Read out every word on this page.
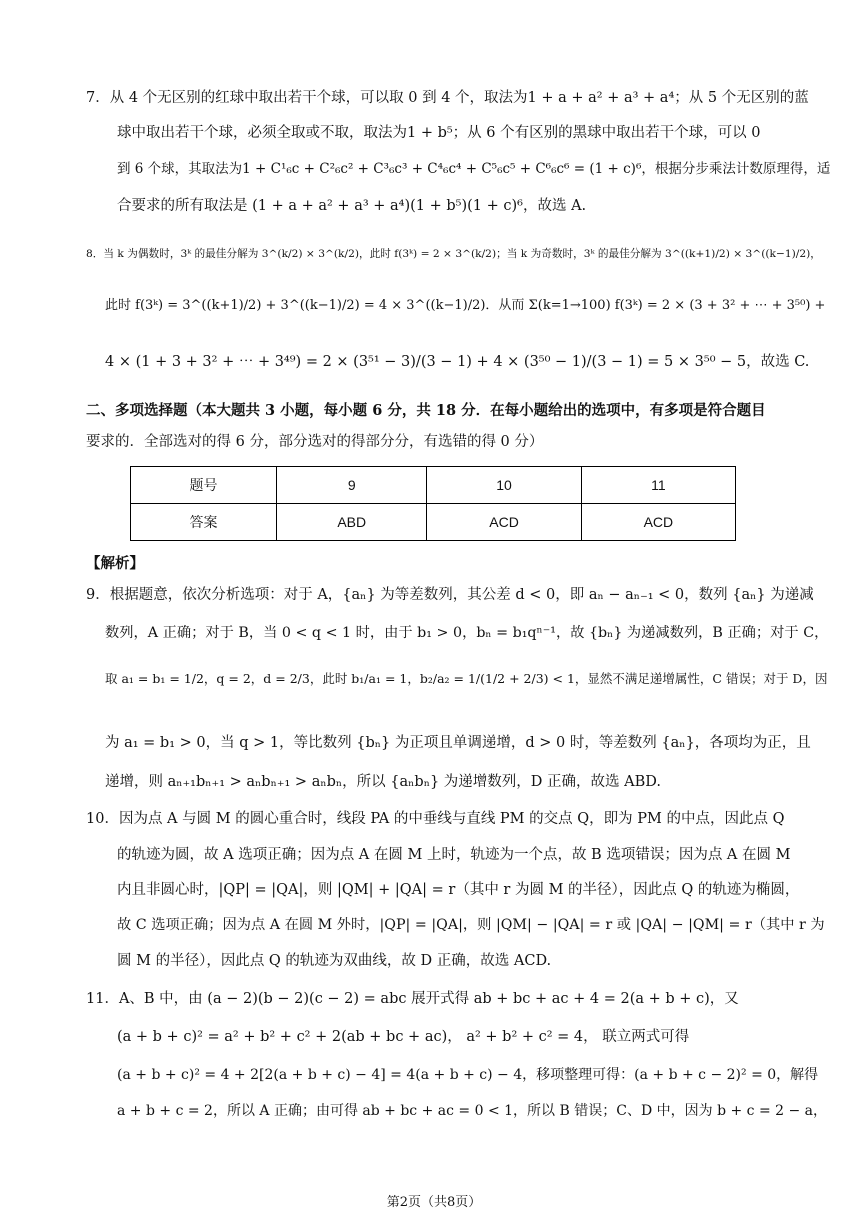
7．从 4 个无区别的红球中取出若干个球，可以取 0 到 4 个，取法为1 + a + a² + a³ + a⁴；从 5 个无区别的蓝
球中取出若干个球，必须全取或不取，取法为1 + b⁵；从 6 个有区别的黑球中取出若干个球，可以 0
到 6 个球，其取法为1 + C¹₆c + C²₆c² + C³₆c³ + C⁴₆c⁴ + C⁵₆c⁵ + C⁶₆c⁶ = (1 + c)⁶，根据分步乘法计数原理得，适
合要求的所有取法是 (1 + a + a² + a³ + a⁴)(1 + b⁵)(1 + c)⁶，故选 A.
8．当 k 为偶数时，3ᵏ 的最佳分解为 3^(k/2) × 3^(k/2)，此时 f(3ᵏ) = 2 × 3^(k/2)；当 k 为奇数时，3ᵏ 的最佳分解为 3^((k+1)/2) × 3^((k−1)/2)，
此时 f(3ᵏ) = 3^((k+1)/2) + 3^((k−1)/2) = 4 × 3^((k−1)/2)．从而 Σ(k=1→100) f(3ᵏ) = 2 × (3 + 3² + ⋯ + 3⁵⁰) +
4 × (1 + 3 + 3² + ⋯ + 3⁴⁹) = 2 × (3⁵¹ − 3)/(3 − 1) + 4 × (3⁵⁰ − 1)/(3 − 1) = 5 × 3⁵⁰ − 5，故选 C.
二、多项选择题（本大题共 3 小题，每小题 6 分，共 18 分．在每小题给出的选项中，有多项是符合题目
要求的．全部选对的得 6 分，部分选对的得部分分，有选错的得 0 分）
题号	9	10	11
答案	ABD	ACD	ACD
【解析】
9．根据题意，依次分析选项：对于 A，{aₙ} 为等差数列，其公差 d < 0，即 aₙ − aₙ₋₁ < 0，数列 {aₙ} 为递减
数列，A 正确；对于 B，当 0 < q < 1 时，由于 b₁ > 0，bₙ = b₁qⁿ⁻¹，故 {bₙ} 为递减数列，B 正确；对于 C，
取 a₁ = b₁ = 1/2，q = 2，d = 2/3，此时 b₁/a₁ = 1，b₂/a₂ = 1/(1/2 + 2/3) < 1，显然不满足递增属性，C 错误；对于 D，因
为 a₁ = b₁ > 0，当 q > 1，等比数列 {bₙ} 为正项且单调递增，d > 0 时，等差数列 {aₙ}，各项均为正，且
递增，则 aₙ₊₁bₙ₊₁ > aₙbₙ₊₁ > aₙbₙ，所以 {aₙbₙ} 为递增数列，D 正确，故选 ABD.
10．因为点 A 与圆 M 的圆心重合时，线段 PA 的中垂线与直线 PM 的交点 Q，即为 PM 的中点，因此点 Q
的轨迹为圆，故 A 选项正确；因为点 A 在圆 M 上时，轨迹为一个点，故 B 选项错误；因为点 A 在圆 M
内且非圆心时，|QP| = |QA|，则 |QM| + |QA| = r（其中 r 为圆 M 的半径），因此点 Q 的轨迹为椭圆，
故 C 选项正确；因为点 A 在圆 M 外时，|QP| = |QA|，则 |QM| − |QA| = r 或 |QA| − |QM| = r（其中 r 为
圆 M 的半径），因此点 Q 的轨迹为双曲线，故 D 正确，故选 ACD.
11．A、B 中，由 (a − 2)(b − 2)(c − 2) = abc 展开式得 ab + bc + ac + 4 = 2(a + b + c)，又
(a + b + c)² = a² + b² + c² + 2(ab + bc + ac)， a² + b² + c² = 4， 联立两式可得
(a + b + c)² = 4 + 2[2(a + b + c) − 4] = 4(a + b + c) − 4，移项整理可得：(a + b + c − 2)² = 0，解得
a + b + c = 2，所以 A 正确；由可得 ab + bc + ac = 0 < 1，所以 B 错误；C、D 中，因为 b + c = 2 − a，
第2页（共8页）
